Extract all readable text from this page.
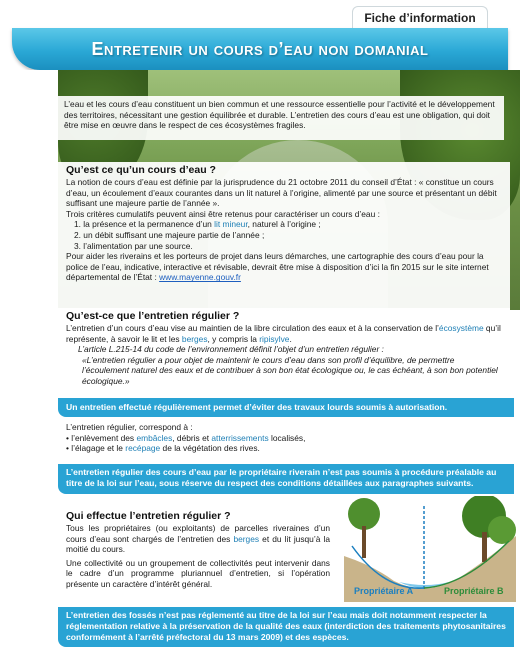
Fiche d’information
Entretenir un cours d’eau non domanial

L’eau et les cours d’eau constituent un bien commun et une ressource essentielle pour l’activité et le développement des territoires, nécessitant une gestion équilibrée et durable. L’entretien des cours d’eau est une obligation, qui doit être mise en œuvre dans le respect de ces écosystèmes fragiles.

Qu’est ce qu’un cours d’eau ?

La notion de cours d’eau est définie par la jurisprudence du 21 octobre 2011 du conseil d’État : « constitue un cours d’eau, un écoulement d’eaux courantes dans un lit naturel à l’origine, alimenté par une source et présentant un débit suffisant une majeure partie de l’année ».

Trois critères cumulatifs peuvent ainsi être retenus pour caractériser un cours d’eau :

1. la présence et la permanence d’un lit mineur, naturel à l’origine ;
2. un débit suffisant une majeure partie de l’année ;
3. l’alimentation par une source.

Pour aider les riverains et les porteurs de projet dans leurs démarches, une cartographie des cours d’eau pour la police de l’eau, indicative, interactive et révisable, devrait être mise à disposition d’ici la fin 2015 sur le site internet départemental de l’État : www.mayenne.gouv.fr

Qu’est-ce que l’entretien régulier ?

L’entretien d’un cours d’eau vise au maintien de la libre circulation des eaux et à la conservation de l’écosystème qu’il représente, à savoir le lit et les berges, y compris la ripisylve.

L’article L.215-14 du code de l’environnement définit l’objet d’un entretien régulier :

«L’entretien régulier a pour objet de maintenir le cours d’eau dans son profil d’équilibre, de permettre l’écoulement naturel des eaux et de contribuer à son bon état écologique ou, le cas échéant, à son bon potentiel écologique.»

Un entretien effectué régulièrement permet d’éviter des travaux lourds soumis à autorisation.

L’entretien régulier, correspond à :

• l’enlèvement des embâcles, débris et atterrissements localisés,

• l’élagage et le recépage de la végétation des rives.

L’entretien régulier des cours d’eau par le propriétaire riverain n’est pas soumis à procédure préalable au titre de la loi sur l’eau, sous réserve du respect des conditions détaillées aux paragraphes suivants.
Qui effectue l’entretien régulier ?

Tous les propriétaires (ou exploitants) de parcelles riveraines d’un cours d’eau sont chargés de l’entretien des berges et du lit jusqu’à la moitié du cours.

Une collectivité ou un groupement de collectivités peut intervenir dans le cadre d’un programme pluriannuel d’entretien, si l’opération présente un caractère d’intérêt général.

Propriétaire A	Propriétaire B
L’entretien des fossés n’est pas réglementé au titre de la loi sur l’eau mais doit notamment respecter la réglementation relative à la préservation de la qualité des eaux (interdiction des traitements phytosanitaires conformément à l’arrêté préfectoral du 13 mars 2009) et des espèces.
